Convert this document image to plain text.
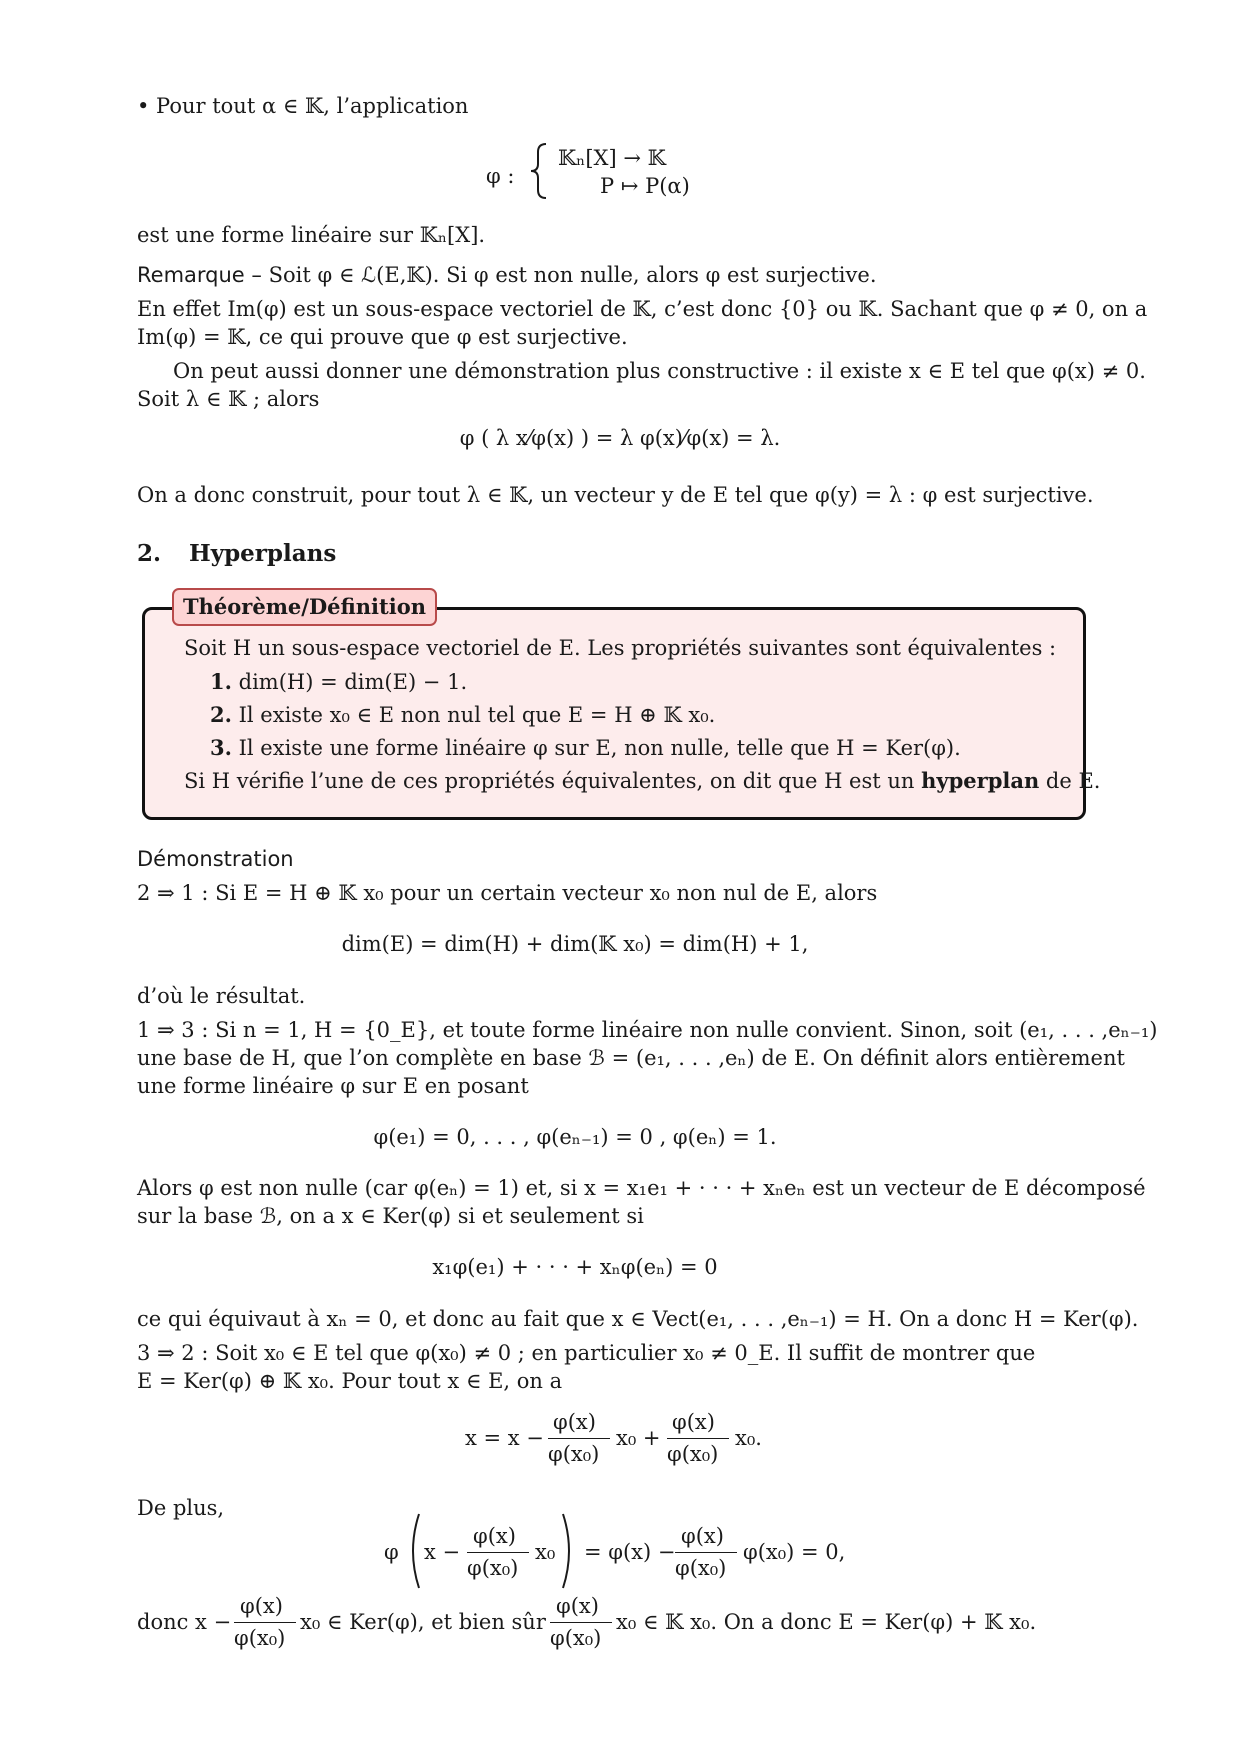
• Pour tout α ∈ 𝕂, l’application
φ :
𝕂ₙ[X] → 𝕂
P ↦ P(α)
est une forme linéaire sur 𝕂ₙ[X].
Remarque – Soit φ ∈ ℒ(E,𝕂). Si φ est non nulle, alors φ est surjective.
En effet Im(φ) est un sous-espace vectoriel de 𝕂, c’est donc {0} ou 𝕂. Sachant que φ ≠ 0, on a
Im(φ) = 𝕂, ce qui prouve que φ est surjective.
On peut aussi donner une démonstration plus constructive : il existe x ∈ E tel que φ(x) ≠ 0.
Soit λ ∈ 𝕂 ; alors
φ ( λ x⁄φ(x) ) = λ φ(x)⁄φ(x) = λ.
On a donc construit, pour tout λ ∈ 𝕂, un vecteur y de E tel que φ(y) = λ : φ est surjective.
2. Hyperplans
Théorème/Définition
Soit H un sous-espace vectoriel de E. Les propriétés suivantes sont équivalentes :
1. dim(H) = dim(E) − 1.
2. Il existe x₀ ∈ E non nul tel que E = H ⊕ 𝕂 x₀.
3. Il existe une forme linéaire φ sur E, non nulle, telle que H = Ker(φ).
Si H vérifie l’une de ces propriétés équivalentes, on dit que H est un hyperplan de E.
Démonstration
2 ⇒ 1 : Si E = H ⊕ 𝕂 x₀ pour un certain vecteur x₀ non nul de E, alors
dim(E) = dim(H) + dim(𝕂 x₀) = dim(H) + 1,
d’où le résultat.
1 ⇒ 3 : Si n = 1, H = {0_E}, et toute forme linéaire non nulle convient. Sinon, soit (e₁, . . . ,eₙ₋₁)
une base de H, que l’on complète en base ℬ = (e₁, . . . ,eₙ) de E. On définit alors entièrement
une forme linéaire φ sur E en posant
φ(e₁) = 0, . . . , φ(eₙ₋₁) = 0 , φ(eₙ) = 1.
Alors φ est non nulle (car φ(eₙ) = 1) et, si x = x₁e₁ + · · · + xₙeₙ est un vecteur de E décomposé
sur la base ℬ, on a x ∈ Ker(φ) si et seulement si
x₁φ(e₁) + · · · + xₙφ(eₙ) = 0
ce qui équivaut à xₙ = 0, et donc au fait que x ∈ Vect(e₁, . . . ,eₙ₋₁) = H. On a donc H = Ker(φ).
3 ⇒ 2 : Soit x₀ ∈ E tel que φ(x₀) ≠ 0 ; en particulier x₀ ≠ 0_E. Il suffit de montrer que
E = Ker(φ) ⊕ 𝕂 x₀. Pour tout x ∈ E, on a
x = x −
φ(x)
φ(x₀)
x₀ +
φ(x)
φ(x₀)
x₀.
De plus,
φ x −
φ(x)
φ(x₀)
x₀ = φ(x) −
φ(x)
φ(x₀)
φ(x₀) = 0,
donc x −
φ(x)
φ(x₀)
x₀ ∈ Ker(φ), et bien sûr
φ(x)
φ(x₀)
x₀ ∈ 𝕂 x₀. On a donc E = Ker(φ) + 𝕂 x₀.
